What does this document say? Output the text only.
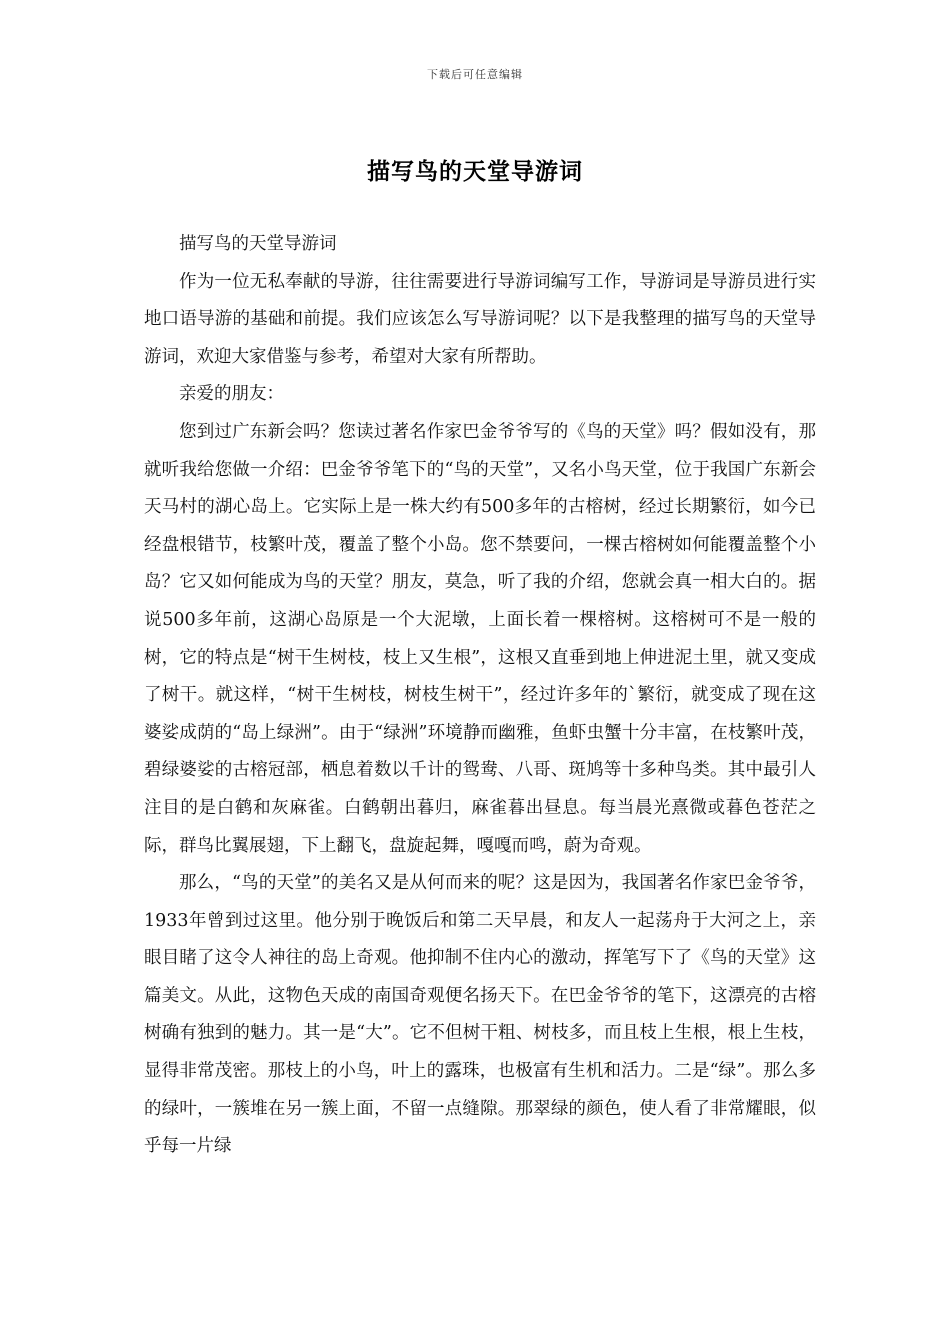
下载后可任意编辑
描写鸟的天堂导游词

描写鸟的天堂导游词

作为一位无私奉献的导游，往往需要进行导游词编写工作，导游词是导游员进行实地口语导游的基础和前提。我们应该怎么写导游词呢？以下是我整理的描写鸟的天堂导游词，欢迎大家借鉴与参考，希望对大家有所帮助。

亲爱的朋友：

您到过广东新会吗？您读过著名作家巴金爷爷写的《鸟的天堂》吗？假如没有，那就听我给您做一介绍：巴金爷爷笔下的“鸟的天堂”，又名小鸟天堂，位于我国广东新会天马村的湖心岛上。它实际上是一株大约有500多年的古榕树，经过长期繁衍，如今已经盘根错节，枝繁叶茂，覆盖了整个小岛。您不禁要问，一棵古榕树如何能覆盖整个小岛？它又如何能成为鸟的天堂？朋友，莫急，听了我的介绍，您就会真一相大白的。据说500多年前，这湖心岛原是一个大泥墩，上面长着一棵榕树。这榕树可不是一般的树，它的特点是“树干生树枝，枝上又生根”，这根又直垂到地上伸进泥土里，就又变成了树干。就这样，“树干生树枝，树枝生树干”，经过许多年的`繁衍，就变成了现在这婆娑成荫的“岛上绿洲”。由于“绿洲”环境静而幽雅，鱼虾虫蟹十分丰富，在枝繁叶茂，碧绿婆娑的古榕冠部，栖息着数以千计的鸳鸯、八哥、斑鸠等十多种鸟类。其中最引人注目的是白鹤和灰麻雀。白鹤朝出暮归，麻雀暮出昼息。每当晨光熹微或暮色苍茫之际，群鸟比翼展翅，下上翻飞，盘旋起舞，嘎嘎而鸣，蔚为奇观。

那么，“鸟的天堂”的美名又是从何而来的呢？这是因为，我国著名作家巴金爷爷，1933年曾到过这里。他分别于晚饭后和第二天早晨，和友人一起荡舟于大河之上，亲眼目睹了这令人神往的岛上奇观。他抑制不住内心的激动，挥笔写下了《鸟的天堂》这篇美文。从此，这物色天成的南国奇观便名扬天下。在巴金爷爷的笔下，这漂亮的古榕树确有独到的魅力。其一是“大”。它不但树干粗、树枝多，而且枝上生根，根上生枝，显得非常茂密。那枝上的小鸟，叶上的露珠，也极富有生机和活力。二是“绿”。那么多的绿叶，一簇堆在另一簇上面，不留一点缝隙。那翠绿的颜色，使人看了非常耀眼，似乎每一片绿
